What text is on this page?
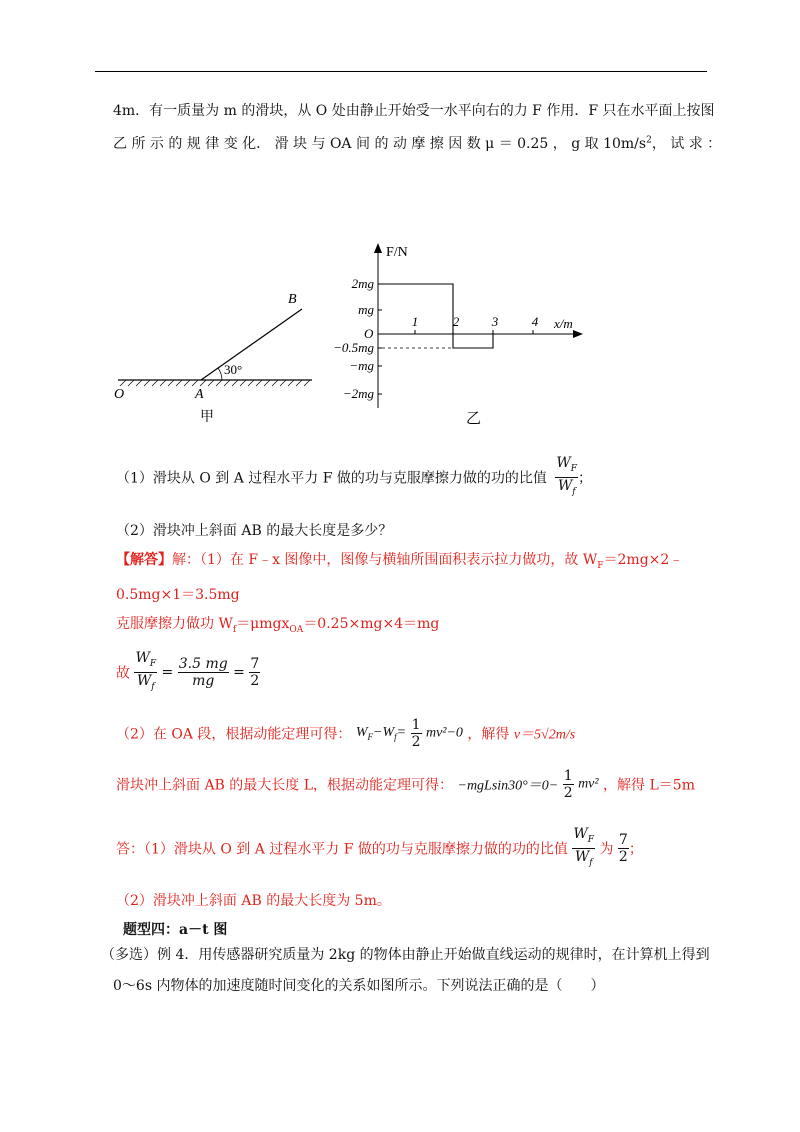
4m．有一质量为 m 的滑块，从 O 处由静止开始受一水平向右的力 F 作用．F 只在水平面上按图
乙 所 示 的 规 律 变 化． 滑 块 与 OA 间 的 动 摩 擦 因 数 μ ＝ 0.25 ， g 取 $10m/s^2$， 试 求 ：
B
A
O
30°
甲
F/N
x/m
O
2mg
mg
−0.5mg
−mg
−2mg
1	2	3	4
乙
（1）滑块从 O 到 A 过程水平力 F 做的功与克服摩擦力做的功的比值 $\frac{W_F}{W_f}$ ；
（2）滑块冲上斜面 AB 的最大长度是多少？
【解答】解：（1）在 F﹣x 图像中，图像与横轴所围面积表示拉力做功，故 $W_F=2mg\times 2﹣$
0.5mg×1＝3.5mg
克服摩擦力做功 $W_f=\mu mgx_{OA}=0.25\times mg\times 4=mg$
故 $\frac{W_F}{W_f} = \frac{3.5 mg}{mg} = \frac{7}{2}$
（2）在 OA 段，根据动能定理可得： $W_F-W_f= \frac{1}{2} mv^2-0$ ，解得 v＝5√2m/s
滑块冲上斜面 AB 的最大长度 L，根据动能定理可得： $-mgLsin30^\circ=0- \frac{1}{2} mv^2$ ，解得 L＝5m
答：（1）滑块从 O 到 A 过程水平力 F 做的功与克服摩擦力做的功的比值 $\frac{W_F}{W_f}$ 为 $\frac{7}{2}$ ；
（2）滑块冲上斜面 AB 的最大长度为 5m。
题型四：a－t 图
（多选）例 4．用传感器研究质量为 2kg 的物体由静止开始做直线运动的规律时，在计算机上得到
0～6s 内物体的加速度随时间变化的关系如图所示。下列说法正确的是（　　）
